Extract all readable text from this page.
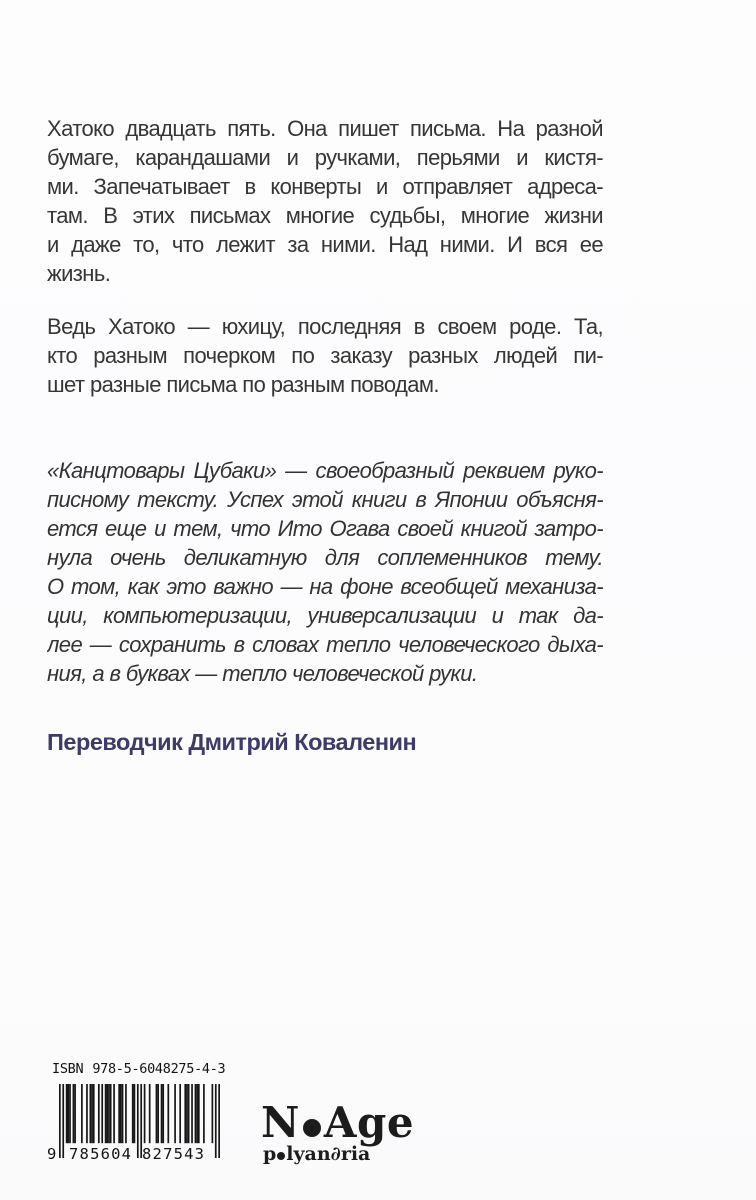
Хатоко двадцать пять. Она пишет письма. На разной
бумаге, карандашами и ручками, перьями и кистя-
ми. Запечатывает в конверты и отправляет адреса-
там. В этих письмах многие судьбы, многие жизни
и даже то, что лежит за ними. Над ними. И вся ее
жизнь.
Ведь Хатоко — юхицу, последняя в своем роде. Та,
кто разным почерком по заказу разных людей пи-
шет разные письма по разным поводам.
«Канцтовары Цубаки» — своеобразный реквием руко-
писному тексту. Успех этой книги в Японии объясня-
ется еще и тем, что Ито Огава своей книгой затро-
нула очень деликатную для соплеменников тему.
О том, как это важно — на фоне всеобщей механиза-
ции, компьютеризации, универсализации и так да-
лее — сохранить в словах тепло человеческого дыха-
ния, а в буквах — тепло человеческой руки.
Переводчик Дмитрий Коваленин
ISBN 978-5-6048275-4-3
9 785604 827543
N Age
p lyan∂ria
